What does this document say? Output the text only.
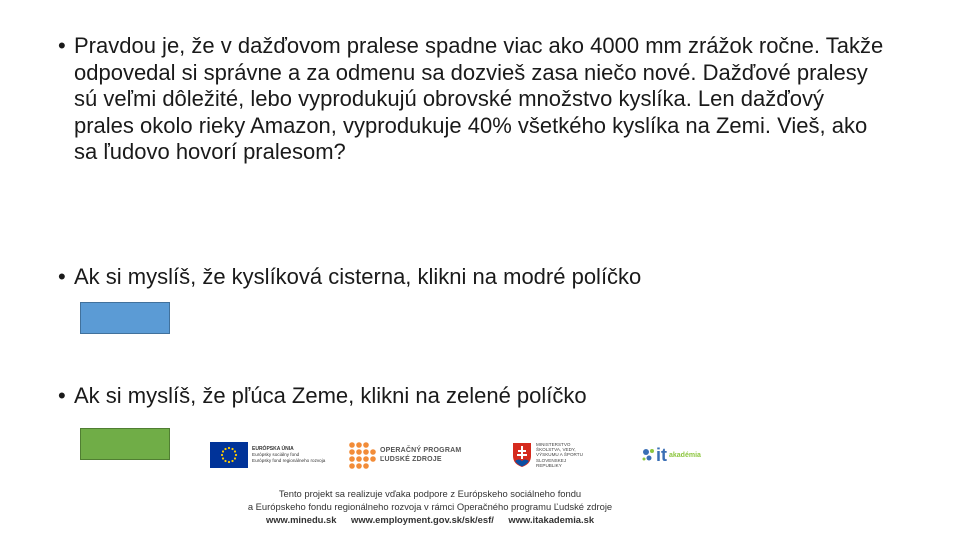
• Pravdou je, že v dažďovom pralese spadne viac ako 4000 mm zrážok ročne. Takže odpovedal si správne a za odmenu sa dozvieš zasa niečo nové. Dažďové pralesy sú veľmi dôležité, lebo vyprodukujú obrovské množstvo kyslíka. Len dažďový prales okolo rieky Amazon, vyprodukuje 40% všetkého kyslíka na Zemi. Vieš, ako sa ľudovo hovorí pralesom?
• Ak si myslíš, že kyslíková cisterna, klikni na modré políčko
• Ak si myslíš, že pľúca Zeme, klikni na zelené políčko
EURÓPSKA ÚNIA
Európsky sociálny fond
Európsky fond regionálneho rozvoja
OPERAČNÝ PROGRAM
ĽUDSKÉ ZDROJE
MINISTERSTVO
ŠKOLSTVA, VEDY,
VÝSKUMU A ŠPORTU
SLOVENSKEJ REPUBLIKY
it akadémia
Tento projekt sa realizuje vďaka podpore z Európskeho sociálneho fondu
a Európskeho fondu regionálneho rozvoja v rámci Operačného programu Ľudské zdroje
www.minedu.sk www.employment.gov.sk/sk/esf/ www.itakademia.sk
